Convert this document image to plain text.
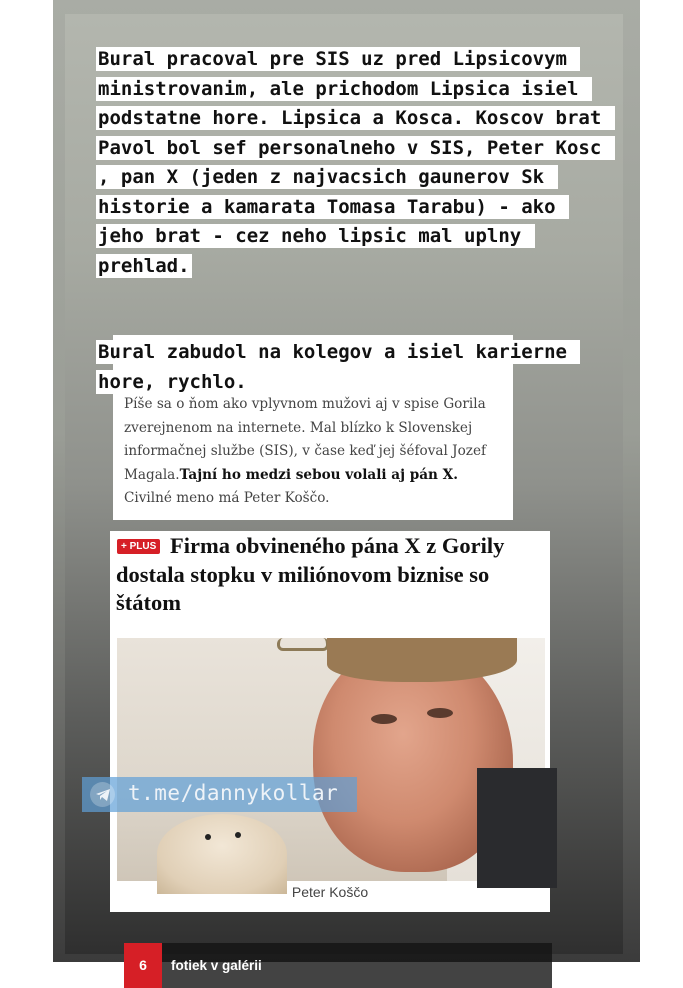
Bural pracoval pre SIS uz pred Lipsicovym ministrovanim, ale prichodom Lipsica isiel podstatne hore. Lipsica a Kosca. Koscov brat Pavol bol sef personalneho v SIS, Peter Kosc , pan X (jeden z najvacsich gaunerov Sk historie a kamarata Tomasa Tarabu) - ako jeho brat - cez neho lipsic mal uplny prehlad.

Bural zabudol na kolegov a isiel karierne hore, rychlo.

Píše sa o ňom ako vplyvnom mužovi aj v spise Gorila zverejnenom na internete. Mal blízko k Slovenskej informačnej službe (SIS), v čase keď jej šéfoval Jozef Magala.Tajní ho medzi sebou volali aj pán X. Civilné meno má Peter Koščo.

Firma obvineného pána X z Gorily dostala stopku v miliónovom biznise so štátom

+ PLUS
6	fotiek v galérii
Peter Koščo
t.me/dannykollar
